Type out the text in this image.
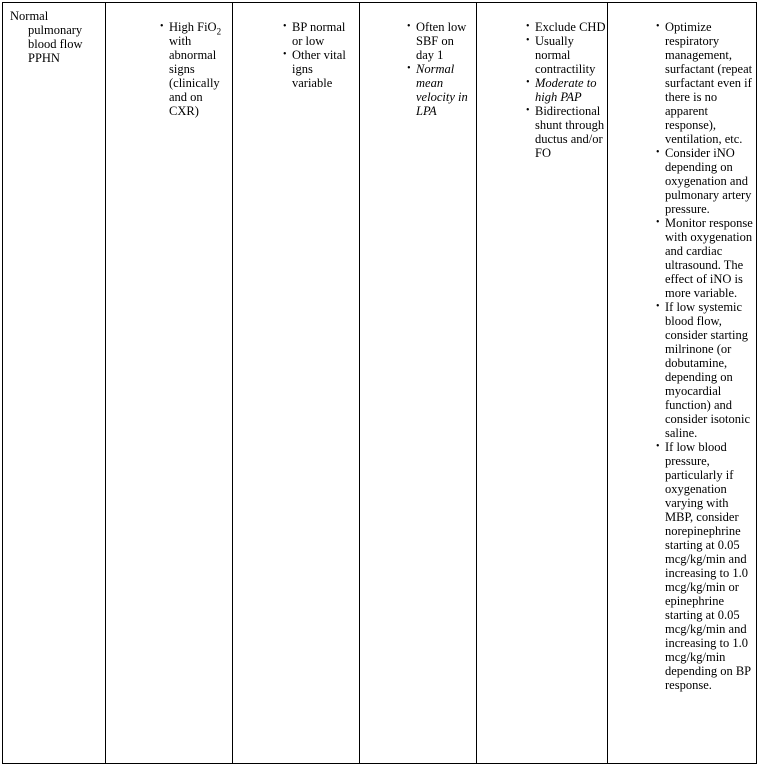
Normal
pulmonary
blood flow
PPHN
• High FiO$_2$ with abnormal signs (clinically and on CXR)
• BP normal or low
• Other vital igns variable
• Often low SBF on day 1
• Normal mean velocity in LPA
• Exclude CHD
• Usually normal contractility
• Moderate to high PAP
• Bidirectional shunt through ductus and/or FO
• Optimize respiratory management, surfactant (repeat surfactant even if there is no apparent response), ventilation, etc.
• Consider iNO depending on oxygenation and pulmonary artery pressure.
• Monitor response with oxygenation and cardiac ultrasound. The effect of iNO is more variable.
• If low systemic blood flow, consider starting milrinone (or dobutamine, depending on myocardial function) and consider isotonic saline.
• If low blood pressure, particularly if oxygenation varying with MBP, consider norepinephrine starting at 0.05 mcg/kg/min and increasing to 1.0 mcg/kg/min or epinephrine starting at 0.05 mcg/kg/min and increasing to 1.0 mcg/kg/min depending on BP response.
